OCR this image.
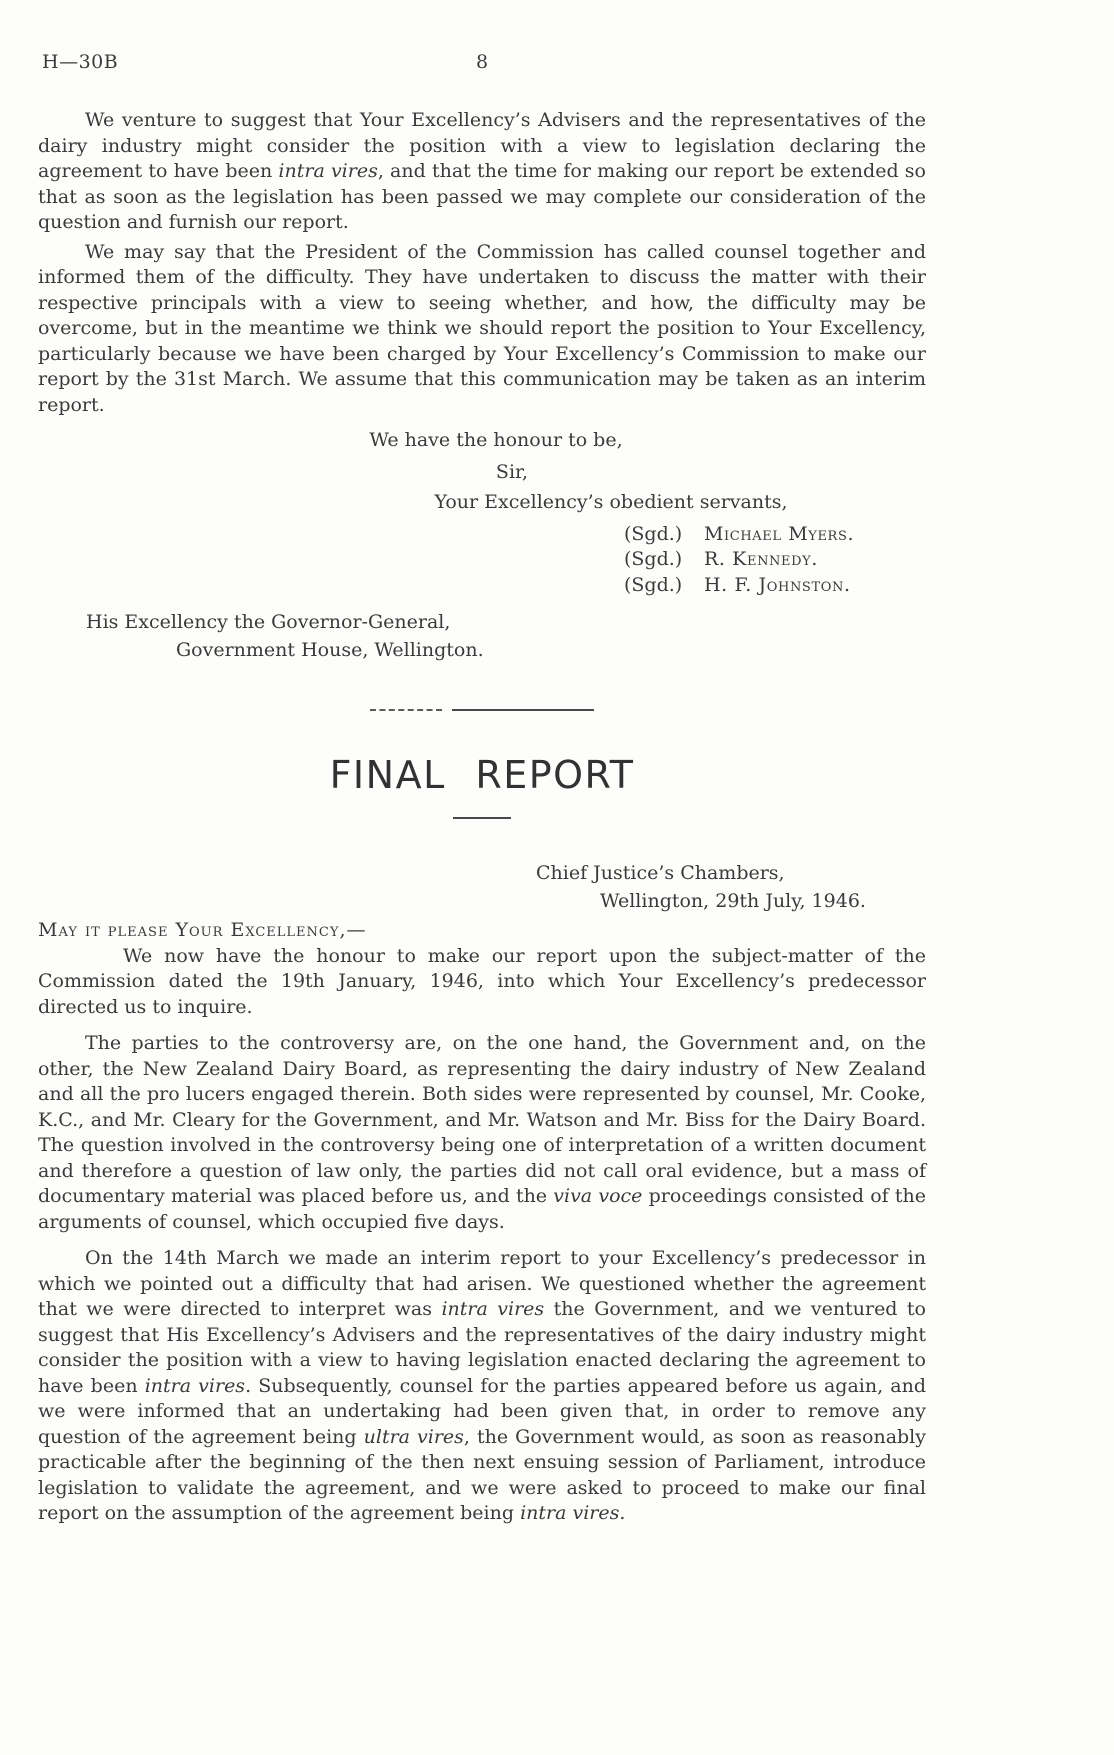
H—30B	8

We venture to suggest that Your Excellency’s Advisers and the representatives of the dairy industry might consider the position with a view to legislation declaring the agreement to have been intra vires, and that the time for making our report be extended so that as soon as the legislation has been passed we may complete our consideration of the question and furnish our report.

We may say that the President of the Commission has called counsel together and informed them of the difficulty. They have undertaken to discuss the matter with their respective principals with a view to seeing whether, and how, the difficulty may be overcome, but in the meantime we think we should report the position to Your Excellency, particularly because we have been charged by Your Excellency’s Commission to make our report by the 31st March. We assume that this communication may be taken as an interim report.

We have the honour to be,
Sir,
Your Excellency’s obedient servants,
(Sgd.)	Michael Myers.
(Sgd.)	R. Kennedy.
(Sgd.)	H. F. Johnston.
His Excellency the Governor-General,
Government House, Wellington.
FINAL REPORT
Chief Justice’s Chambers,
Wellington, 29th July, 1946.
May it please Your Excellency,—

We now have the honour to make our report upon the subject-matter of the Commission dated the 19th January, 1946, into which Your Excellency’s predecessor directed us to inquire.

The parties to the controversy are, on the one hand, the Government and, on the other, the New Zealand Dairy Board, as representing the dairy industry of New Zealand and all the pro lucers engaged therein. Both sides were represented by counsel, Mr. Cooke, K.C., and Mr. Cleary for the Government, and Mr. Watson and Mr. Biss for the Dairy Board. The question involved in the controversy being one of interpretation of a written document and therefore a question of law only, the parties did not call oral evidence, but a mass of documentary material was placed before us, and the viva voce proceedings consisted of the arguments of counsel, which occupied five days.

On the 14th March we made an interim report to your Excellency’s predecessor in which we pointed out a difficulty that had arisen. We questioned whether the agreement that we were directed to interpret was intra vires the Government, and we ventured to suggest that His Excellency’s Advisers and the representatives of the dairy industry might consider the position with a view to having legislation enacted declaring the agreement to have been intra vires. Subsequently, counsel for the parties appeared before us again, and we were informed that an undertaking had been given that, in order to remove any question of the agreement being ultra vires, the Government would, as soon as reasonably practicable after the beginning of the then next ensuing session of Parliament, introduce legislation to validate the agreement, and we were asked to proceed to make our final report on the assumption of the agreement being intra vires.
